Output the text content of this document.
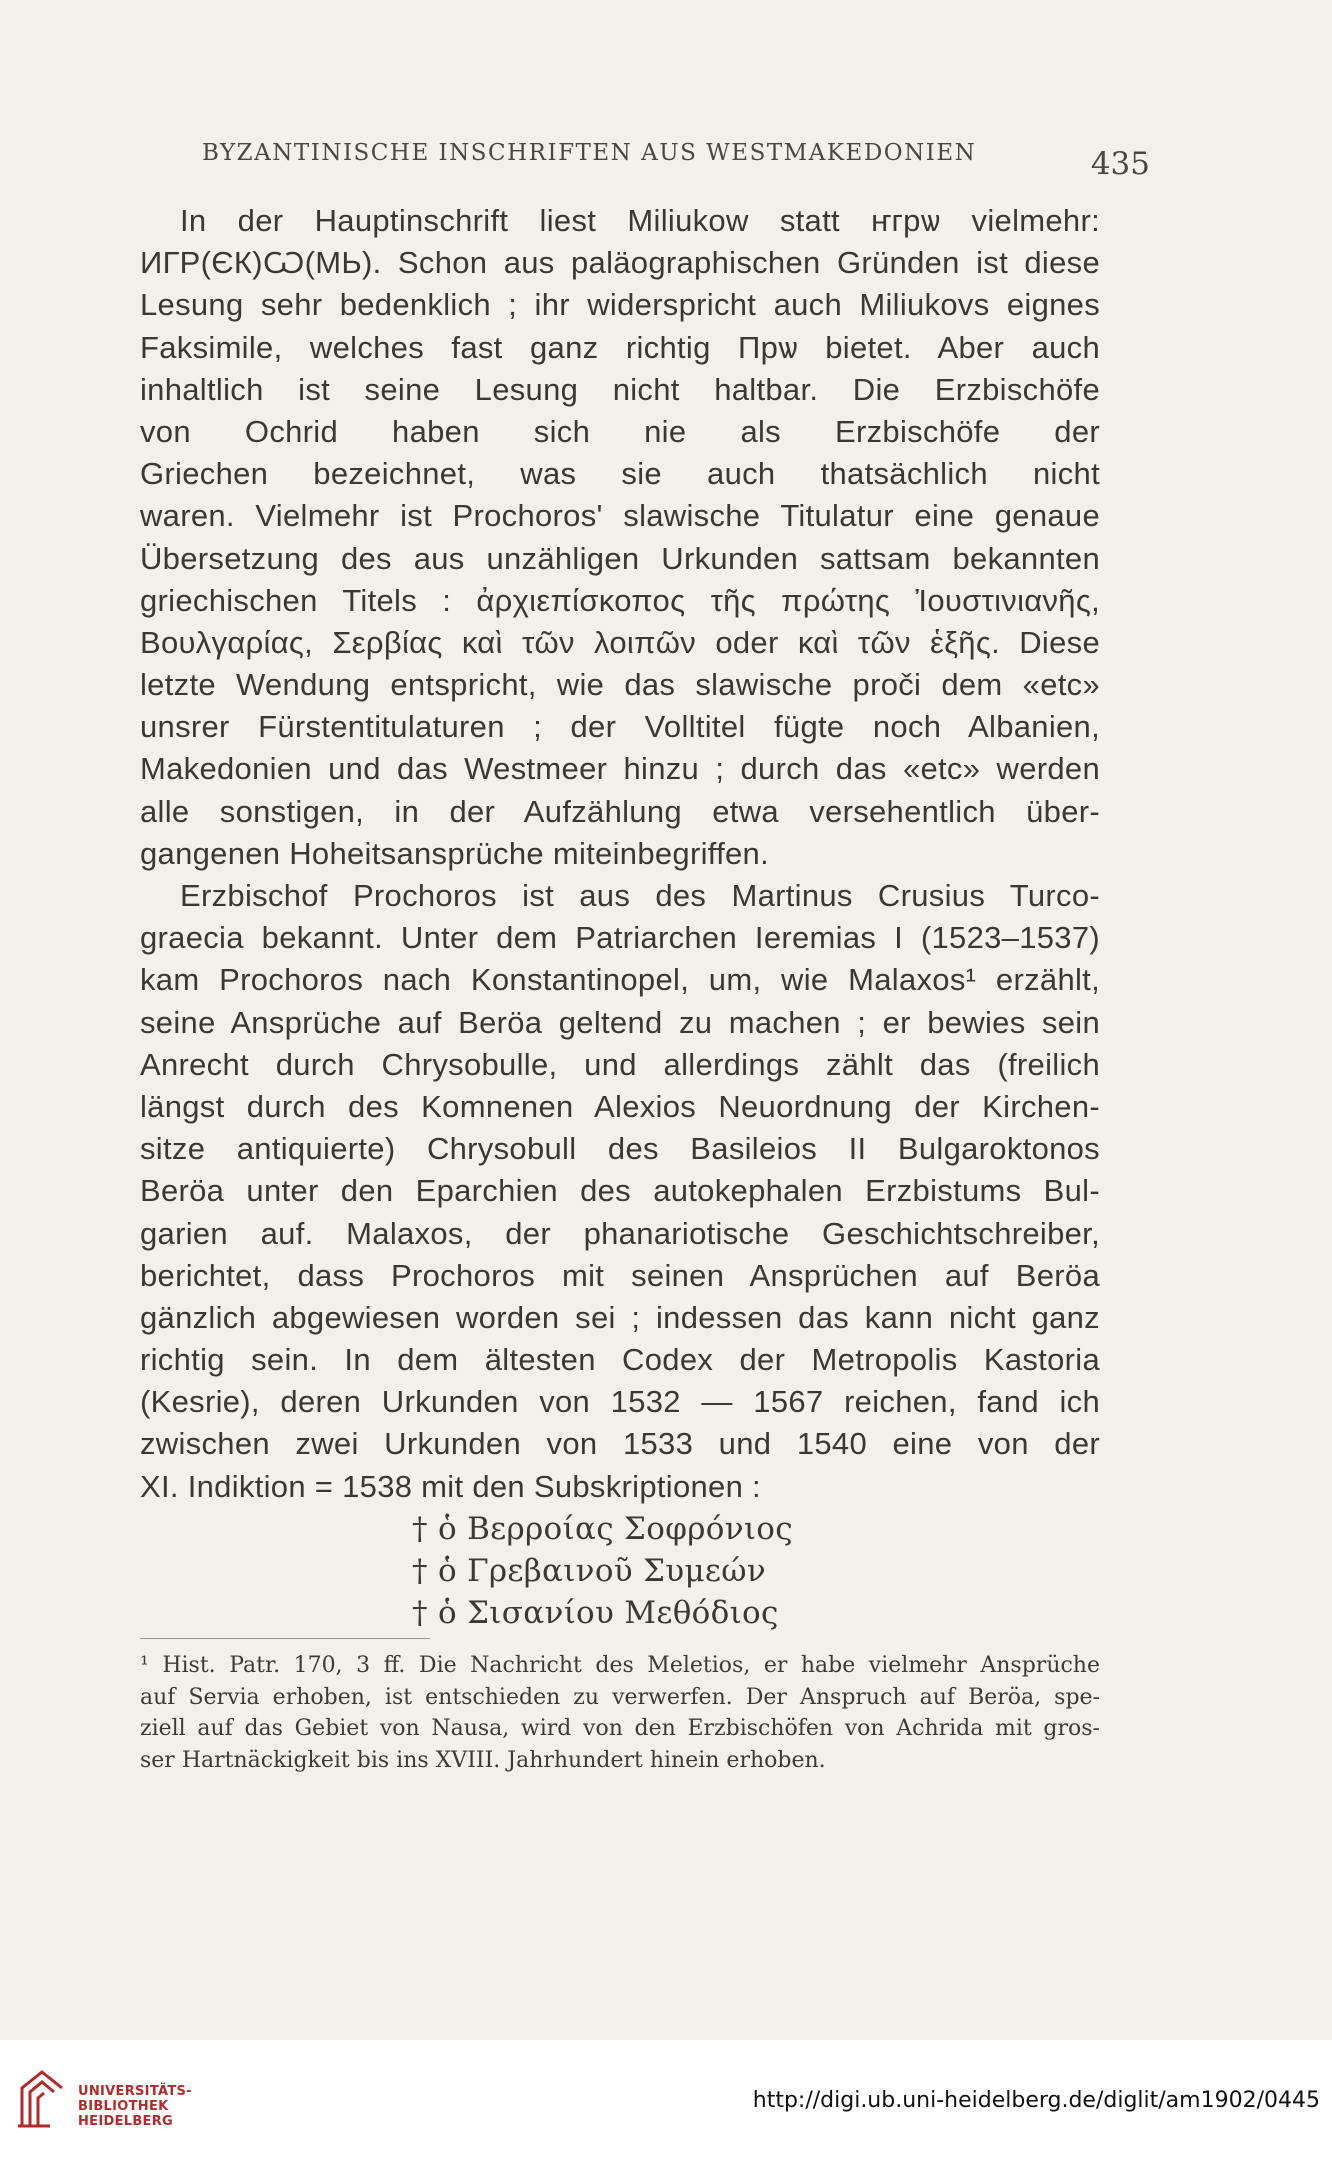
BYZANTINISCHE INSCHRIFTEN AUS WESTMAKEDONIEN	435
In der Hauptinschrift liest Miliukow statt ҥгрѡ vielmehr:
ИГР(ЄК)Ѡ(МЬ). Schon aus paläographischen Gründen ist diese
Lesung sehr bedenklich ; ihr widerspricht auch Miliukovs eignes
Faksimile, welches fast ganz richtig Прѡ bietet. Aber auch
inhaltlich ist seine Lesung nicht haltbar. Die Erzbischöfe
von Ochrid haben sich nie als Erzbischöfe der
Griechen bezeichnet, was sie auch thatsächlich nicht
waren. Vielmehr ist Prochoros' slawische Titulatur eine genaue
Übersetzung des aus unzähligen Urkunden sattsam bekannten
griechischen Titels : ἀρχιεπίσκοπος τῆς πρώτης Ἰουστινιανῆς,
Βουλγαρίας, Σερβίας καὶ τῶν λοιπῶν oder καὶ τῶν ἑξῆς. Diese
letzte Wendung entspricht, wie das slawische proči dem «etc»
unsrer Fürstentitulaturen ; der Volltitel fügte noch Albanien,
Makedonien und das Westmeer hinzu ; durch das «etc» werden
alle sonstigen, in der Aufzählung etwa versehentlich über-
gangenen Hoheitsansprüche miteinbegriffen.
Erzbischof Prochoros ist aus des Martinus Crusius Turco-
graecia bekannt. Unter dem Patriarchen Ieremias I (1523–1537)
kam Prochoros nach Konstantinopel, um, wie Malaxos¹ erzählt,
seine Ansprüche auf Beröa geltend zu machen ; er bewies sein
Anrecht durch Chrysobulle, und allerdings zählt das (freilich
längst durch des Komnenen Alexios Neuordnung der Kirchen-
sitze antiquierte) Chrysobull des Basileios II Bulgaroktonos
Beröa unter den Eparchien des autokephalen Erzbistums Bul-
garien auf. Malaxos, der phanariotische Geschichtschreiber,
berichtet, dass Prochoros mit seinen Ansprüchen auf Beröa
gänzlich abgewiesen worden sei ; indessen das kann nicht ganz
richtig sein. In dem ältesten Codex der Metropolis Kastoria
(Kesrie), deren Urkunden von 1532 — 1567 reichen, fand ich
zwischen zwei Urkunden von 1533 und 1540 eine von der
XI. Indiktion = 1538 mit den Subskriptionen :
† ὁ Βερροίας Σοφρόνιος
† ὁ Γρεβαινοῦ Συμεών
† ὁ Σισανίου Μεθόδιος
¹ Hist. Patr. 170, 3 ff. Die Nachricht des Meletios, er habe vielmehr Ansprüche
auf Servia erhoben, ist entschieden zu verwerfen. Der Anspruch auf Beröa, spe-
ziell auf das Gebiet von Nausa, wird von den Erzbischöfen von Achrida mit gros-
ser Hartnäckigkeit bis ins XVIII. Jahrhundert hinein erhoben.
UNIVERSITÄTS-
BIBLIOTHEK
HEIDELBERG
http://digi.ub.uni-heidelberg.de/diglit/am1902/0445
